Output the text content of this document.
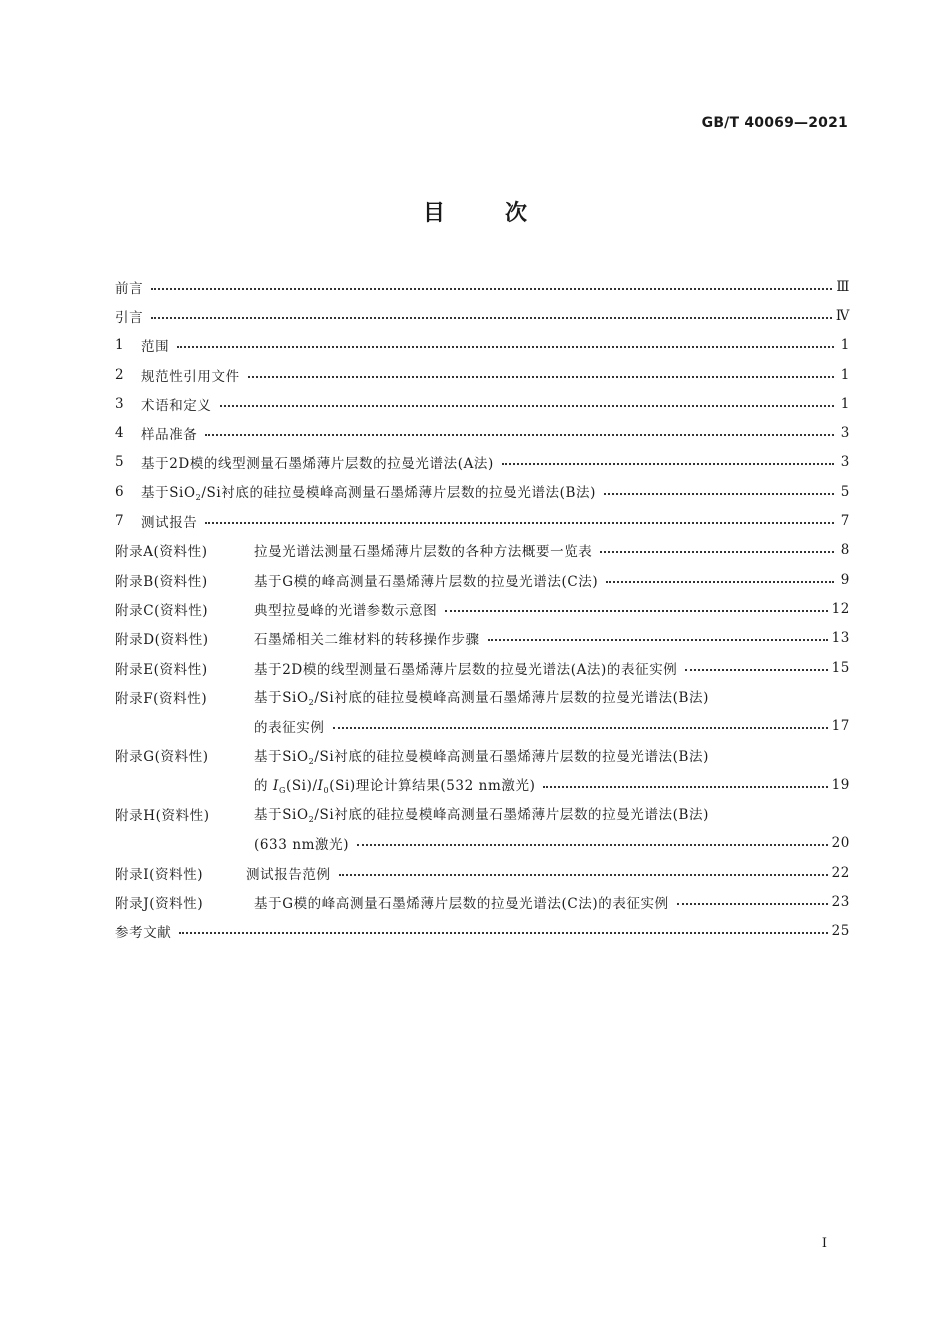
GB/T 40069—2021
目	次
前言	Ⅲ
引言	Ⅳ
1	范围	1
2	规范性引用文件	1
3	术语和定义	1
4	样品准备	3
5	基于2D模的线型测量石墨烯薄片层数的拉曼光谱法(A法)	3
6	基于SiO$_2$/Si衬底的硅拉曼模峰高测量石墨烯薄片层数的拉曼光谱法(B法)	5
7	测试报告	7
附录A(资料性)	拉曼光谱法测量石墨烯薄片层数的各种方法概要一览表	8
附录B(资料性)	基于G模的峰高测量石墨烯薄片层数的拉曼光谱法(C法)	9
附录C(资料性)	典型拉曼峰的光谱参数示意图	12
附录D(资料性)	石墨烯相关二维材料的转移操作步骤	13
附录E(资料性)	基于2D模的线型测量石墨烯薄片层数的拉曼光谱法(A法)的表征实例	15
附录F(资料性)	基于SiO$_2$/Si衬底的硅拉曼模峰高测量石墨烯薄片层数的拉曼光谱法(B法)
的表征实例	17
附录G(资料性)	基于SiO$_2$/Si衬底的硅拉曼模峰高测量石墨烯薄片层数的拉曼光谱法(B法)
的 $I_G(Si)/I_0(Si)$理论计算结果(532 nm激光)	19
附录H(资料性)	基于SiO$_2$/Si衬底的硅拉曼模峰高测量石墨烯薄片层数的拉曼光谱法(B法)
(633 nm激光)	20
附录I(资料性)	测试报告范例	22
附录J(资料性)	基于G模的峰高测量石墨烯薄片层数的拉曼光谱法(C法)的表征实例	23
参考文献	25
I
